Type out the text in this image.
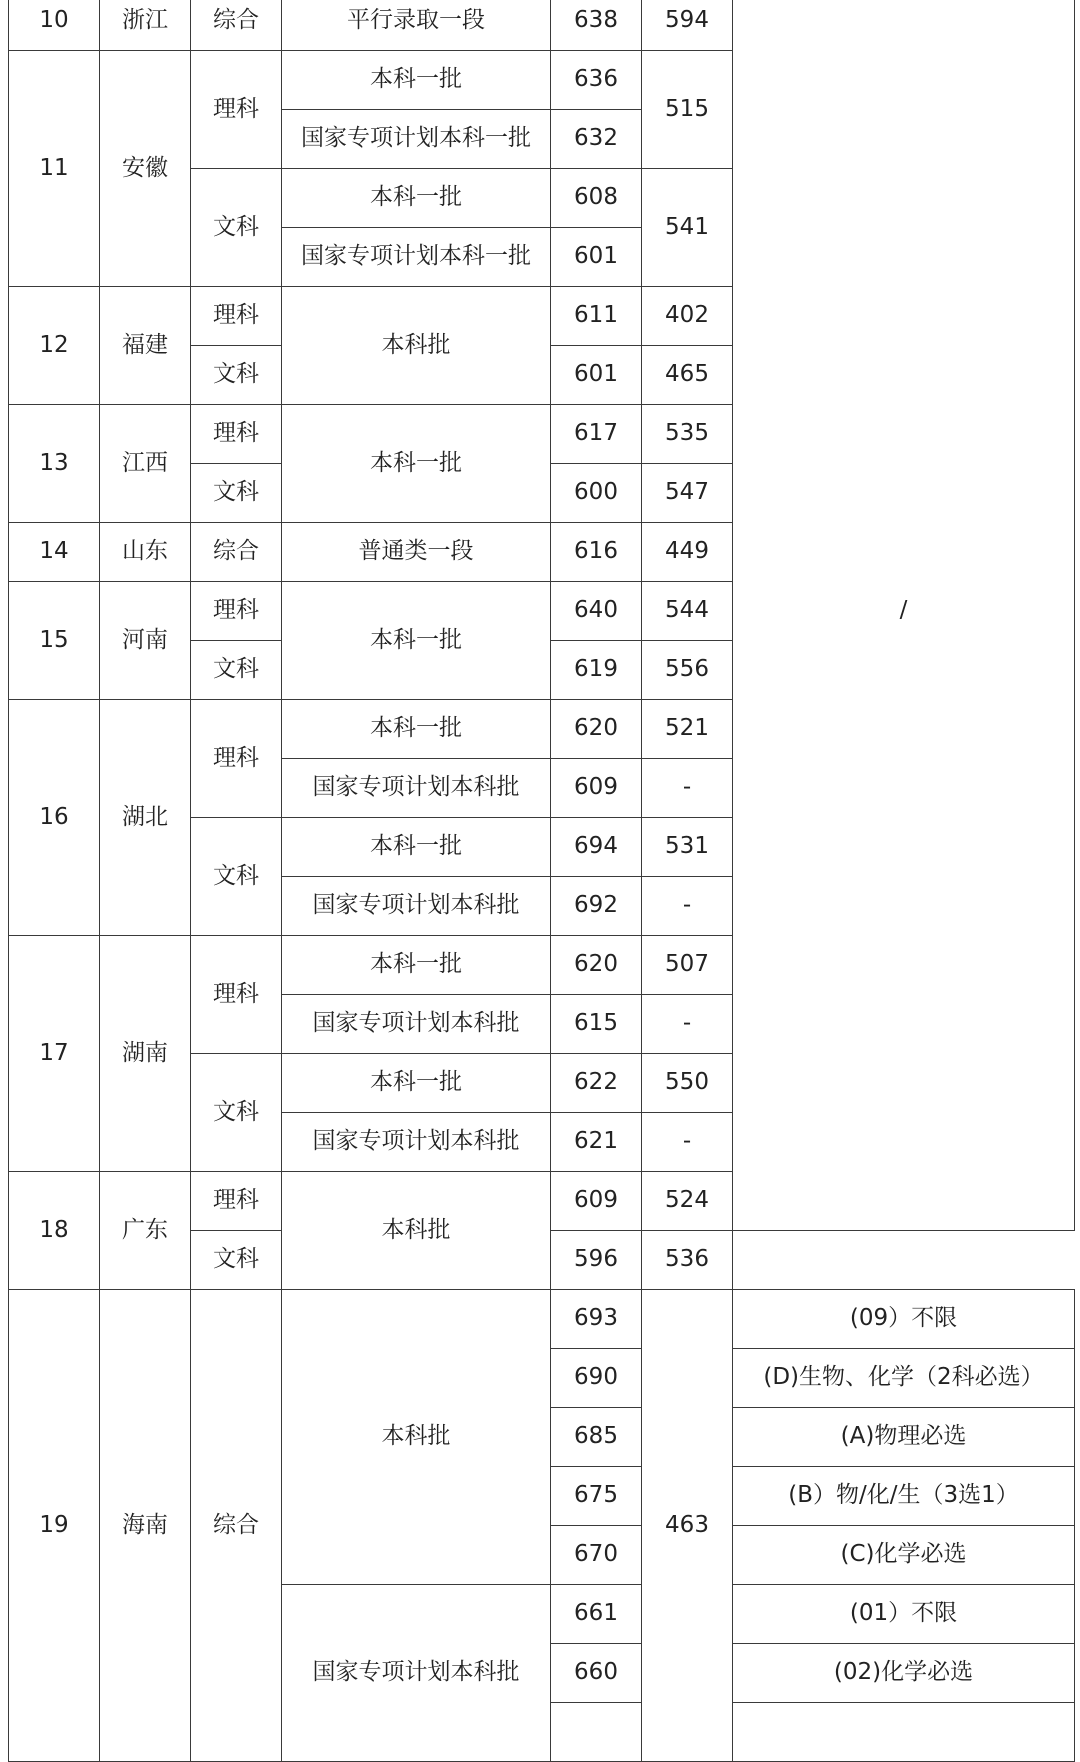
10	浙江	综合	平行录取一段	638	594	/
11	安徽	理科	本科一批	636	515	
			国家专项计划本科一批	632		
		文科	本科一批	608	541	
			国家专项计划本科一批	601		
12	福建	理科	本科批	611	402	
		文科		601	465	
13	江西	理科	本科一批	617	535	
		文科		600	547	
14	山东	综合	普通类一段	616	449	
15	河南	理科	本科一批	640	544	
		文科		619	556	
16	湖北	理科	本科一批	620	521	
			国家专项计划本科批	609	-	
		文科	本科一批	694	531	
			国家专项计划本科批	692	-	
17	湖南	理科	本科一批	620	507	
			国家专项计划本科批	615	-	
		文科	本科一批	622	550	
			国家专项计划本科批	621	-	
18	广东	理科	本科批	609	524	
		文科		596	536	
19	海南	综合	本科批	693	463	(09）不限
				690		(D)生物、化学（2科必选）
				685		(A)物理必选
				675		(B）物/化/生（3选1）
				670		(C)化学必选
			国家专项计划本科批	661		(01）不限
				660		(02)化学必选
